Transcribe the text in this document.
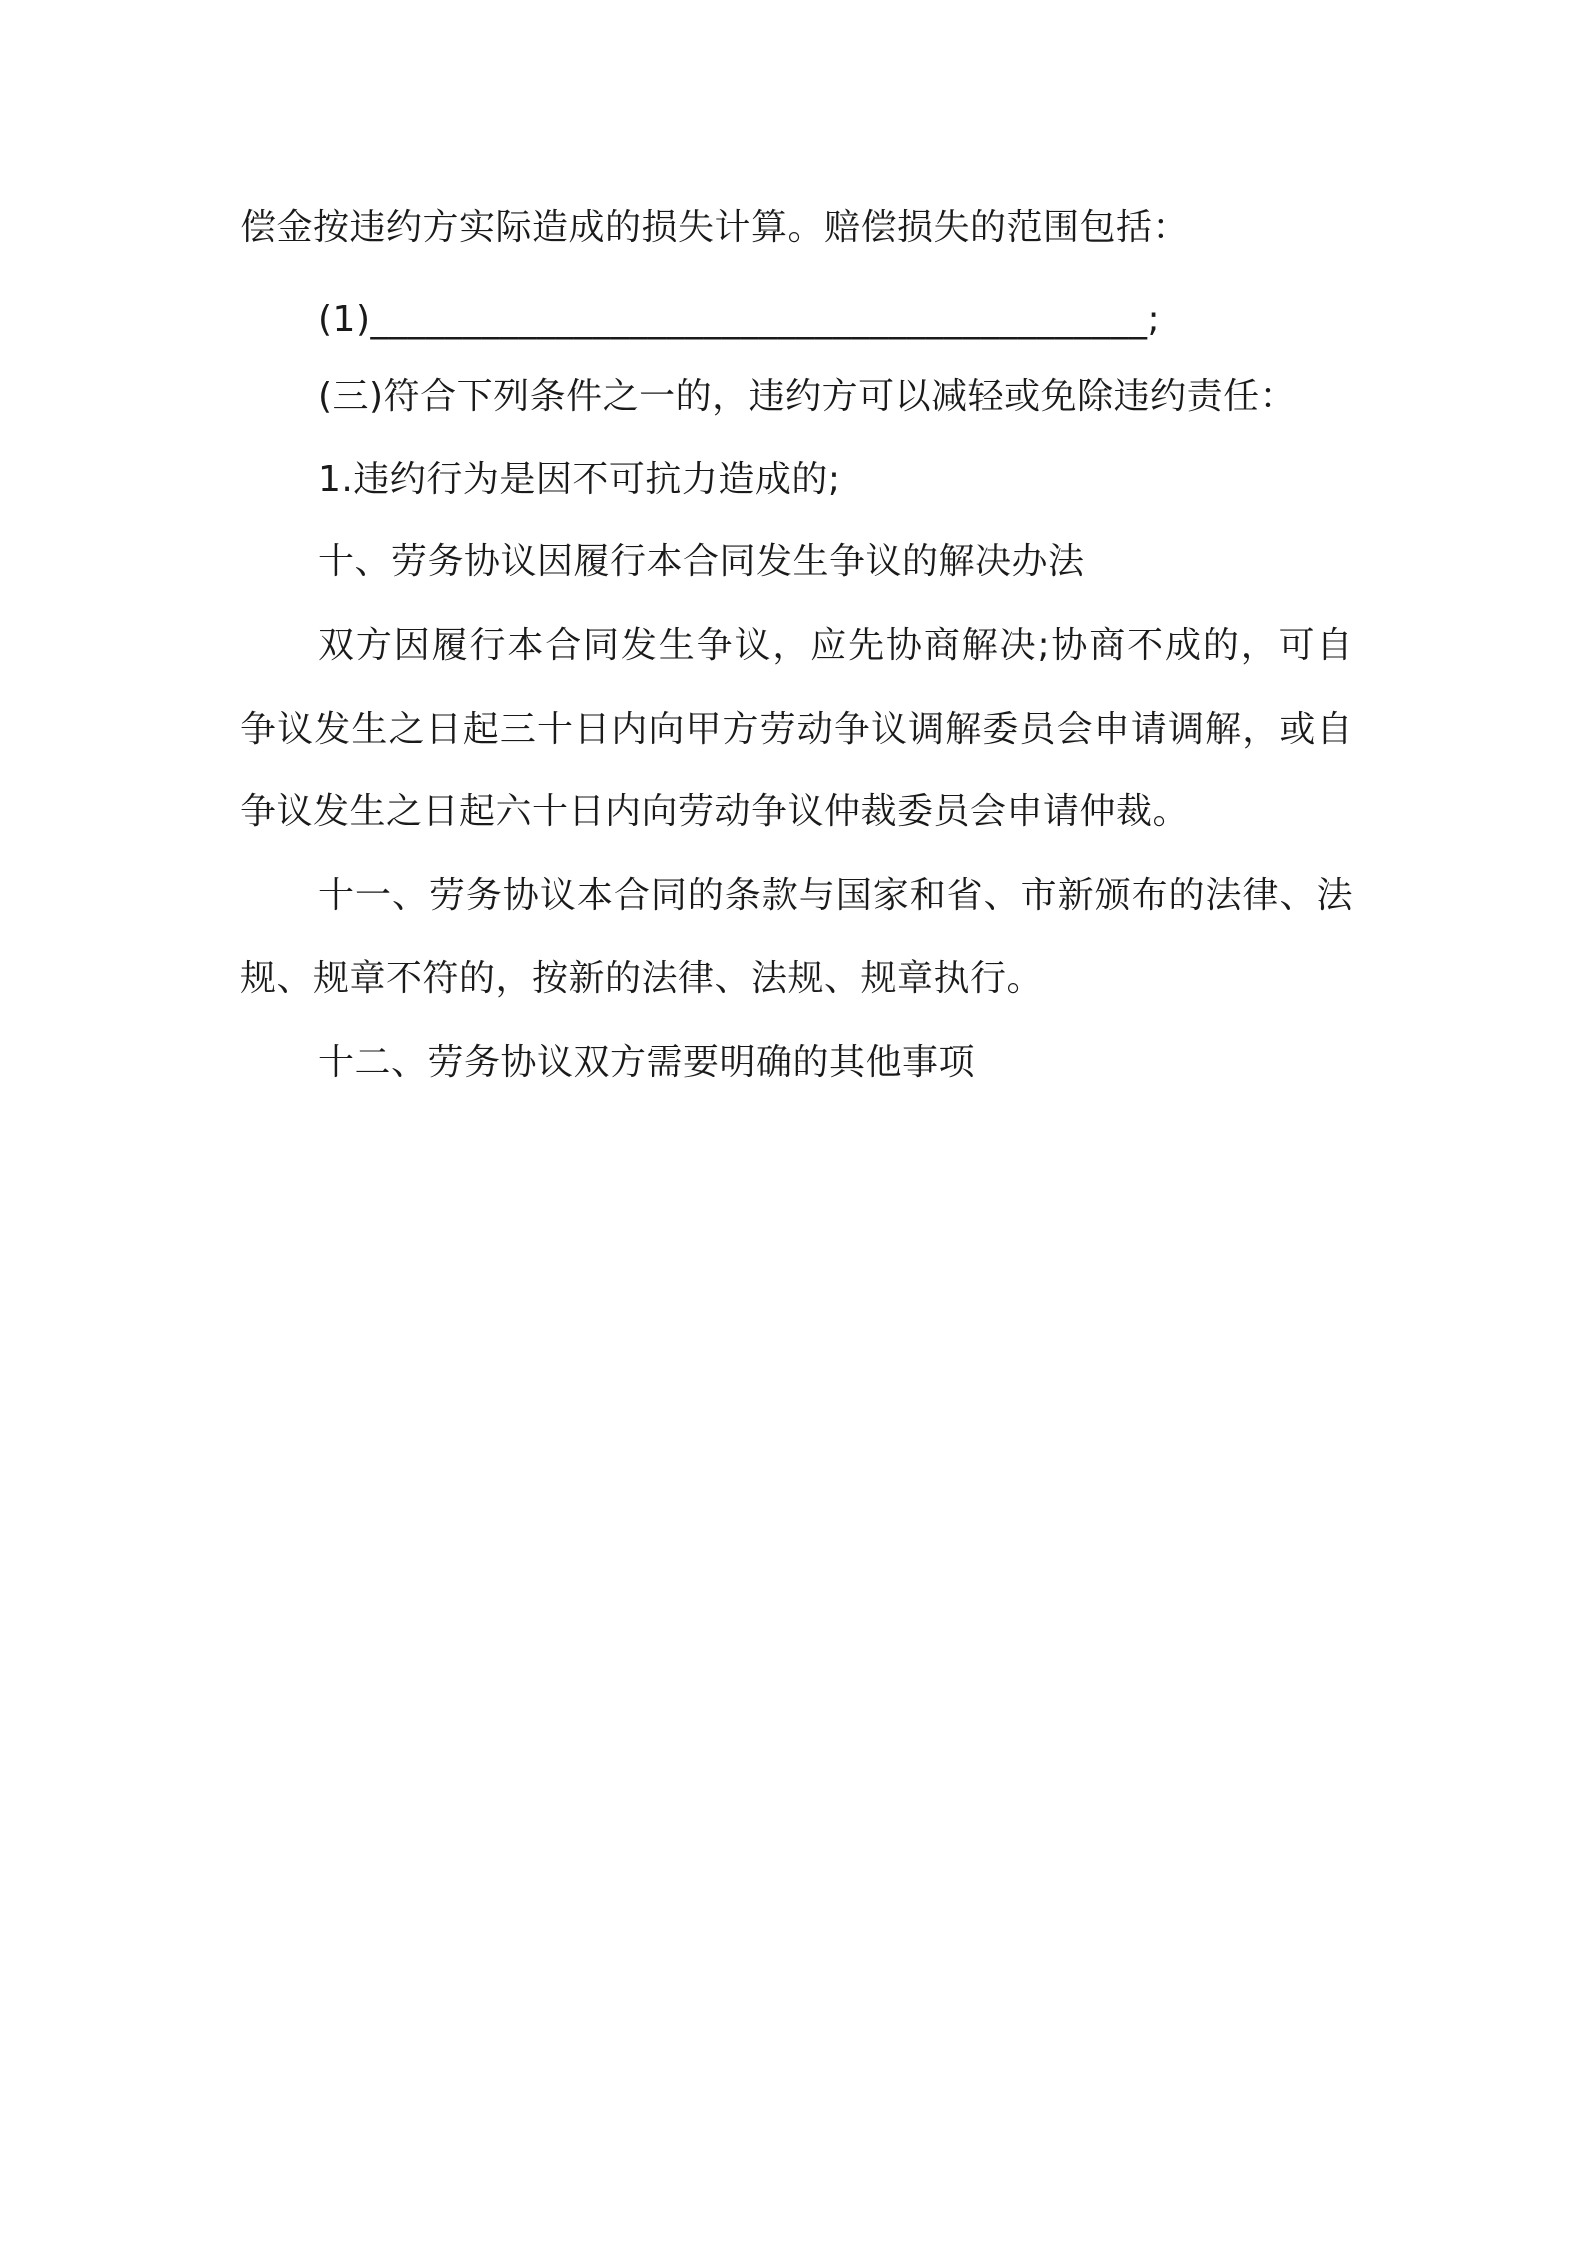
偿金按违约方实际造成的损失计算。赔偿损失的范围包括：

(1)__________________________________________;

(三)符合下列条件之一的，违约方可以减轻或免除违约责任：

1.违约行为是因不可抗力造成的;

十、劳务协议因履行本合同发生争议的解决办法

双方因履行本合同发生争议，应先协商解决;协商不成的，可自

争议发生之日起三十日内向甲方劳动争议调解委员会申请调解，或自

争议发生之日起六十日内向劳动争议仲裁委员会申请仲裁。

十一、劳务协议本合同的条款与国家和省、市新颁布的法律、法

规、规章不符的，按新的法律、法规、规章执行。

十二、劳务协议双方需要明确的其他事项
